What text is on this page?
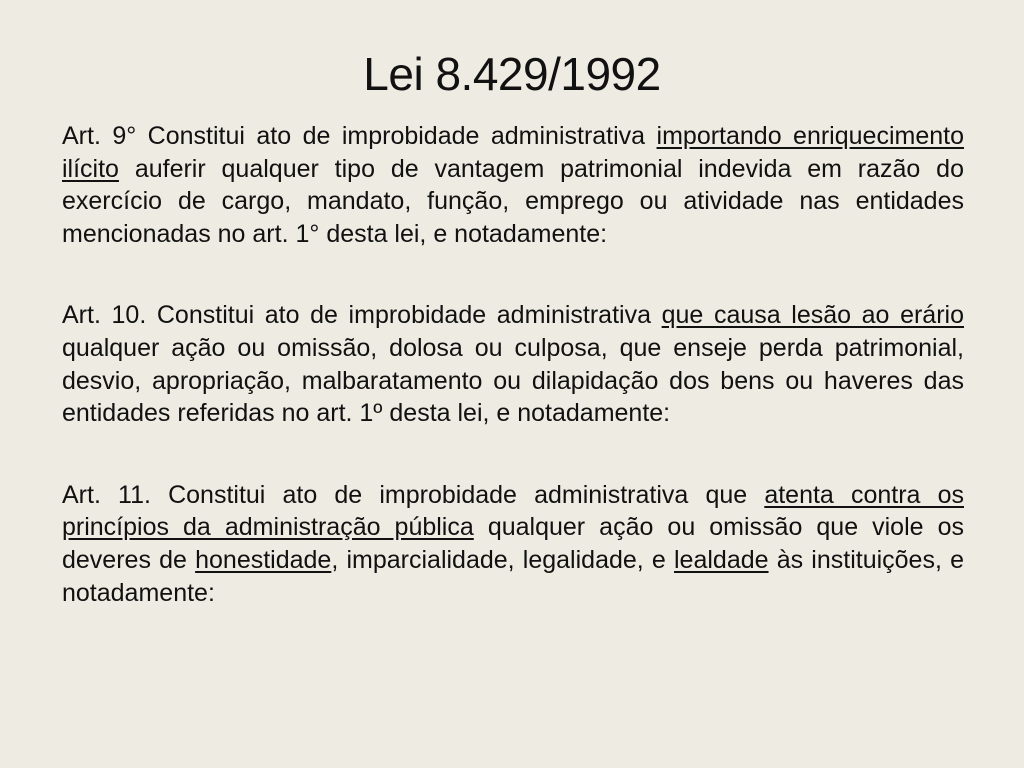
Lei 8.429/1992

Art. 9° Constitui ato de improbidade administrativa importando enriquecimento ilícito auferir qualquer tipo de vantagem patrimonial indevida em razão do exercício de cargo, mandato, função, emprego ou atividade nas entidades mencionadas no art. 1° desta lei, e notadamente:

Art. 10. Constitui ato de improbidade administrativa que causa lesão ao erário qualquer ação ou omissão, dolosa ou culposa, que enseje perda patrimonial, desvio, apropriação, malbaratamento ou dilapidação dos bens ou haveres das entidades referidas no art. 1º desta lei, e notadamente:

Art. 11. Constitui ato de improbidade administrativa que atenta contra os princípios da administração pública qualquer ação ou omissão que viole os deveres de honestidade, imparcialidade, legalidade, e lealdade às instituições, e notadamente:
